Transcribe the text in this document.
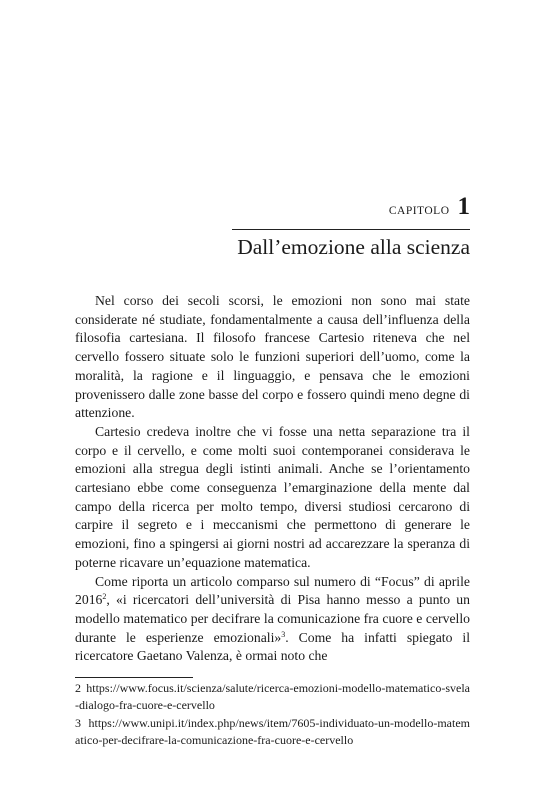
CAPITOLO 1
Dall’emozione alla scienza

Nel corso dei secoli scorsi, le emozioni non sono mai state considerate né studiate, fondamentalmente a causa dell’influenza della filosofia cartesiana. Il filosofo francese Cartesio riteneva che nel cervello fossero situate solo le funzioni superiori dell’uomo, come la moralità, la ragione e il linguaggio, e pensava che le emozioni provenissero dalle zone basse del corpo e fossero quindi meno degne di attenzione.

Cartesio credeva inoltre che vi fosse una netta separazione tra il corpo e il cervello, e come molti suoi contemporanei considerava le emozioni alla stregua degli istinti animali. Anche se l’orientamento cartesiano ebbe come conseguenza l’emarginazione della mente dal campo della ricerca per molto tempo, diversi studiosi cercarono di carpire il segreto e i meccanismi che permettono di generare le emozioni, fino a spingersi ai giorni nostri ad accarezzare la speranza di poterne ricavare un’equazione matematica.

Come riporta un articolo comparso sul numero di “Focus” di aprile 2016$^2$, «i ricercatori dell’università di Pisa hanno messo a punto un modello matematico per decifrare la comunicazione fra cuore e cervello durante le esperienze emozionali»$^3$. Come ha infatti spiegato il ricercatore Gaetano Valenza, è ormai noto che

2 https://www.focus.it/scienza/salute/ricerca-emozioni-modello-matematico-svela-dialogo-fra-cuore-e-cervello

3 https://www.unipi.it/index.php/news/item/7605-individuato-un-modello-matematico-per-decifrare-la-comunicazione-fra-cuore-e-cervello
